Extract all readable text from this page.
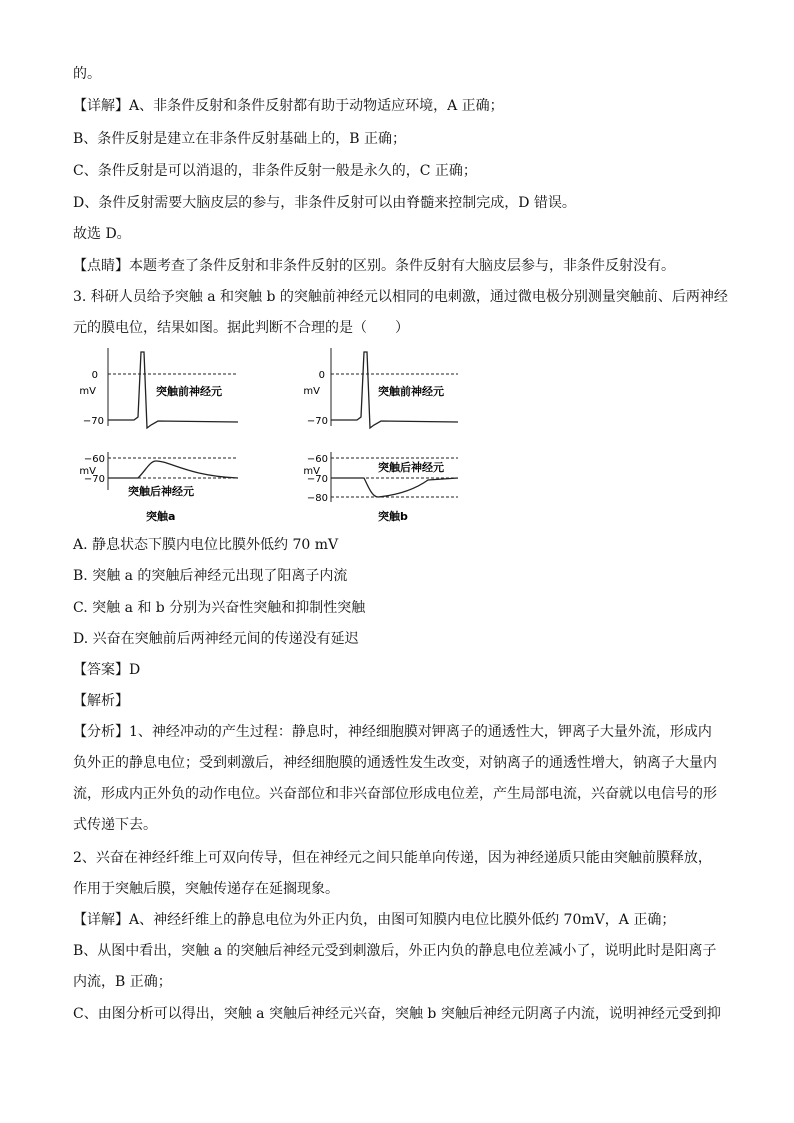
的。
【详解】A、非条件反射和条件反射都有助于动物适应环境，A 正确；
B、条件反射是建立在非条件反射基础上的，B 正确；
C、条件反射是可以消退的，非条件反射一般是永久的，C 正确；
D、条件反射需要大脑皮层的参与，非条件反射可以由脊髓来控制完成，D 错误。
故选 D。
【点睛】本题考查了条件反射和非条件反射的区别。条件反射有大脑皮层参与，非条件反射没有。
3. 科研人员给予突触 a 和突触 b 的突触前神经元以相同的电刺激，通过微电极分别测量突触前、后两神经
元的膜电位，结果如图。据此判断不合理的是（　　）
0
mV
−70
突触前神经元
−60
mV
−70
突触后神经元
突触a
0
mV
−70
突触前神经元
−60
mV
−70
−80
突触后神经元
突触b
A. 静息状态下膜内电位比膜外低约 70 mV
B. 突触 a 的突触后神经元出现了阳离子内流
C. 突触 a 和 b 分别为兴奋性突触和抑制性突触
D. 兴奋在突触前后两神经元间的传递没有延迟
【答案】D
【解析】
【分析】1、神经冲动的产生过程：静息时，神经细胞膜对钾离子的通透性大，钾离子大量外流，形成内
负外正的静息电位；受到刺激后，神经细胞膜的通透性发生改变，对钠离子的通透性增大，钠离子大量内
流，形成内正外负的动作电位。兴奋部位和非兴奋部位形成电位差，产生局部电流，兴奋就以电信号的形
式传递下去。
2、兴奋在神经纤维上可双向传导，但在神经元之间只能单向传递，因为神经递质只能由突触前膜释放，
作用于突触后膜，突触传递存在延搁现象。
【详解】A、神经纤维上的静息电位为外正内负，由图可知膜内电位比膜外低约 70mV，A 正确；
B、从图中看出，突触 a 的突触后神经元受到刺激后，外正内负的静息电位差减小了，说明此时是阳离子
内流，B 正确；
C、由图分析可以得出，突触 a 突触后神经元兴奋，突触 b 突触后神经元阴离子内流，说明神经元受到抑
